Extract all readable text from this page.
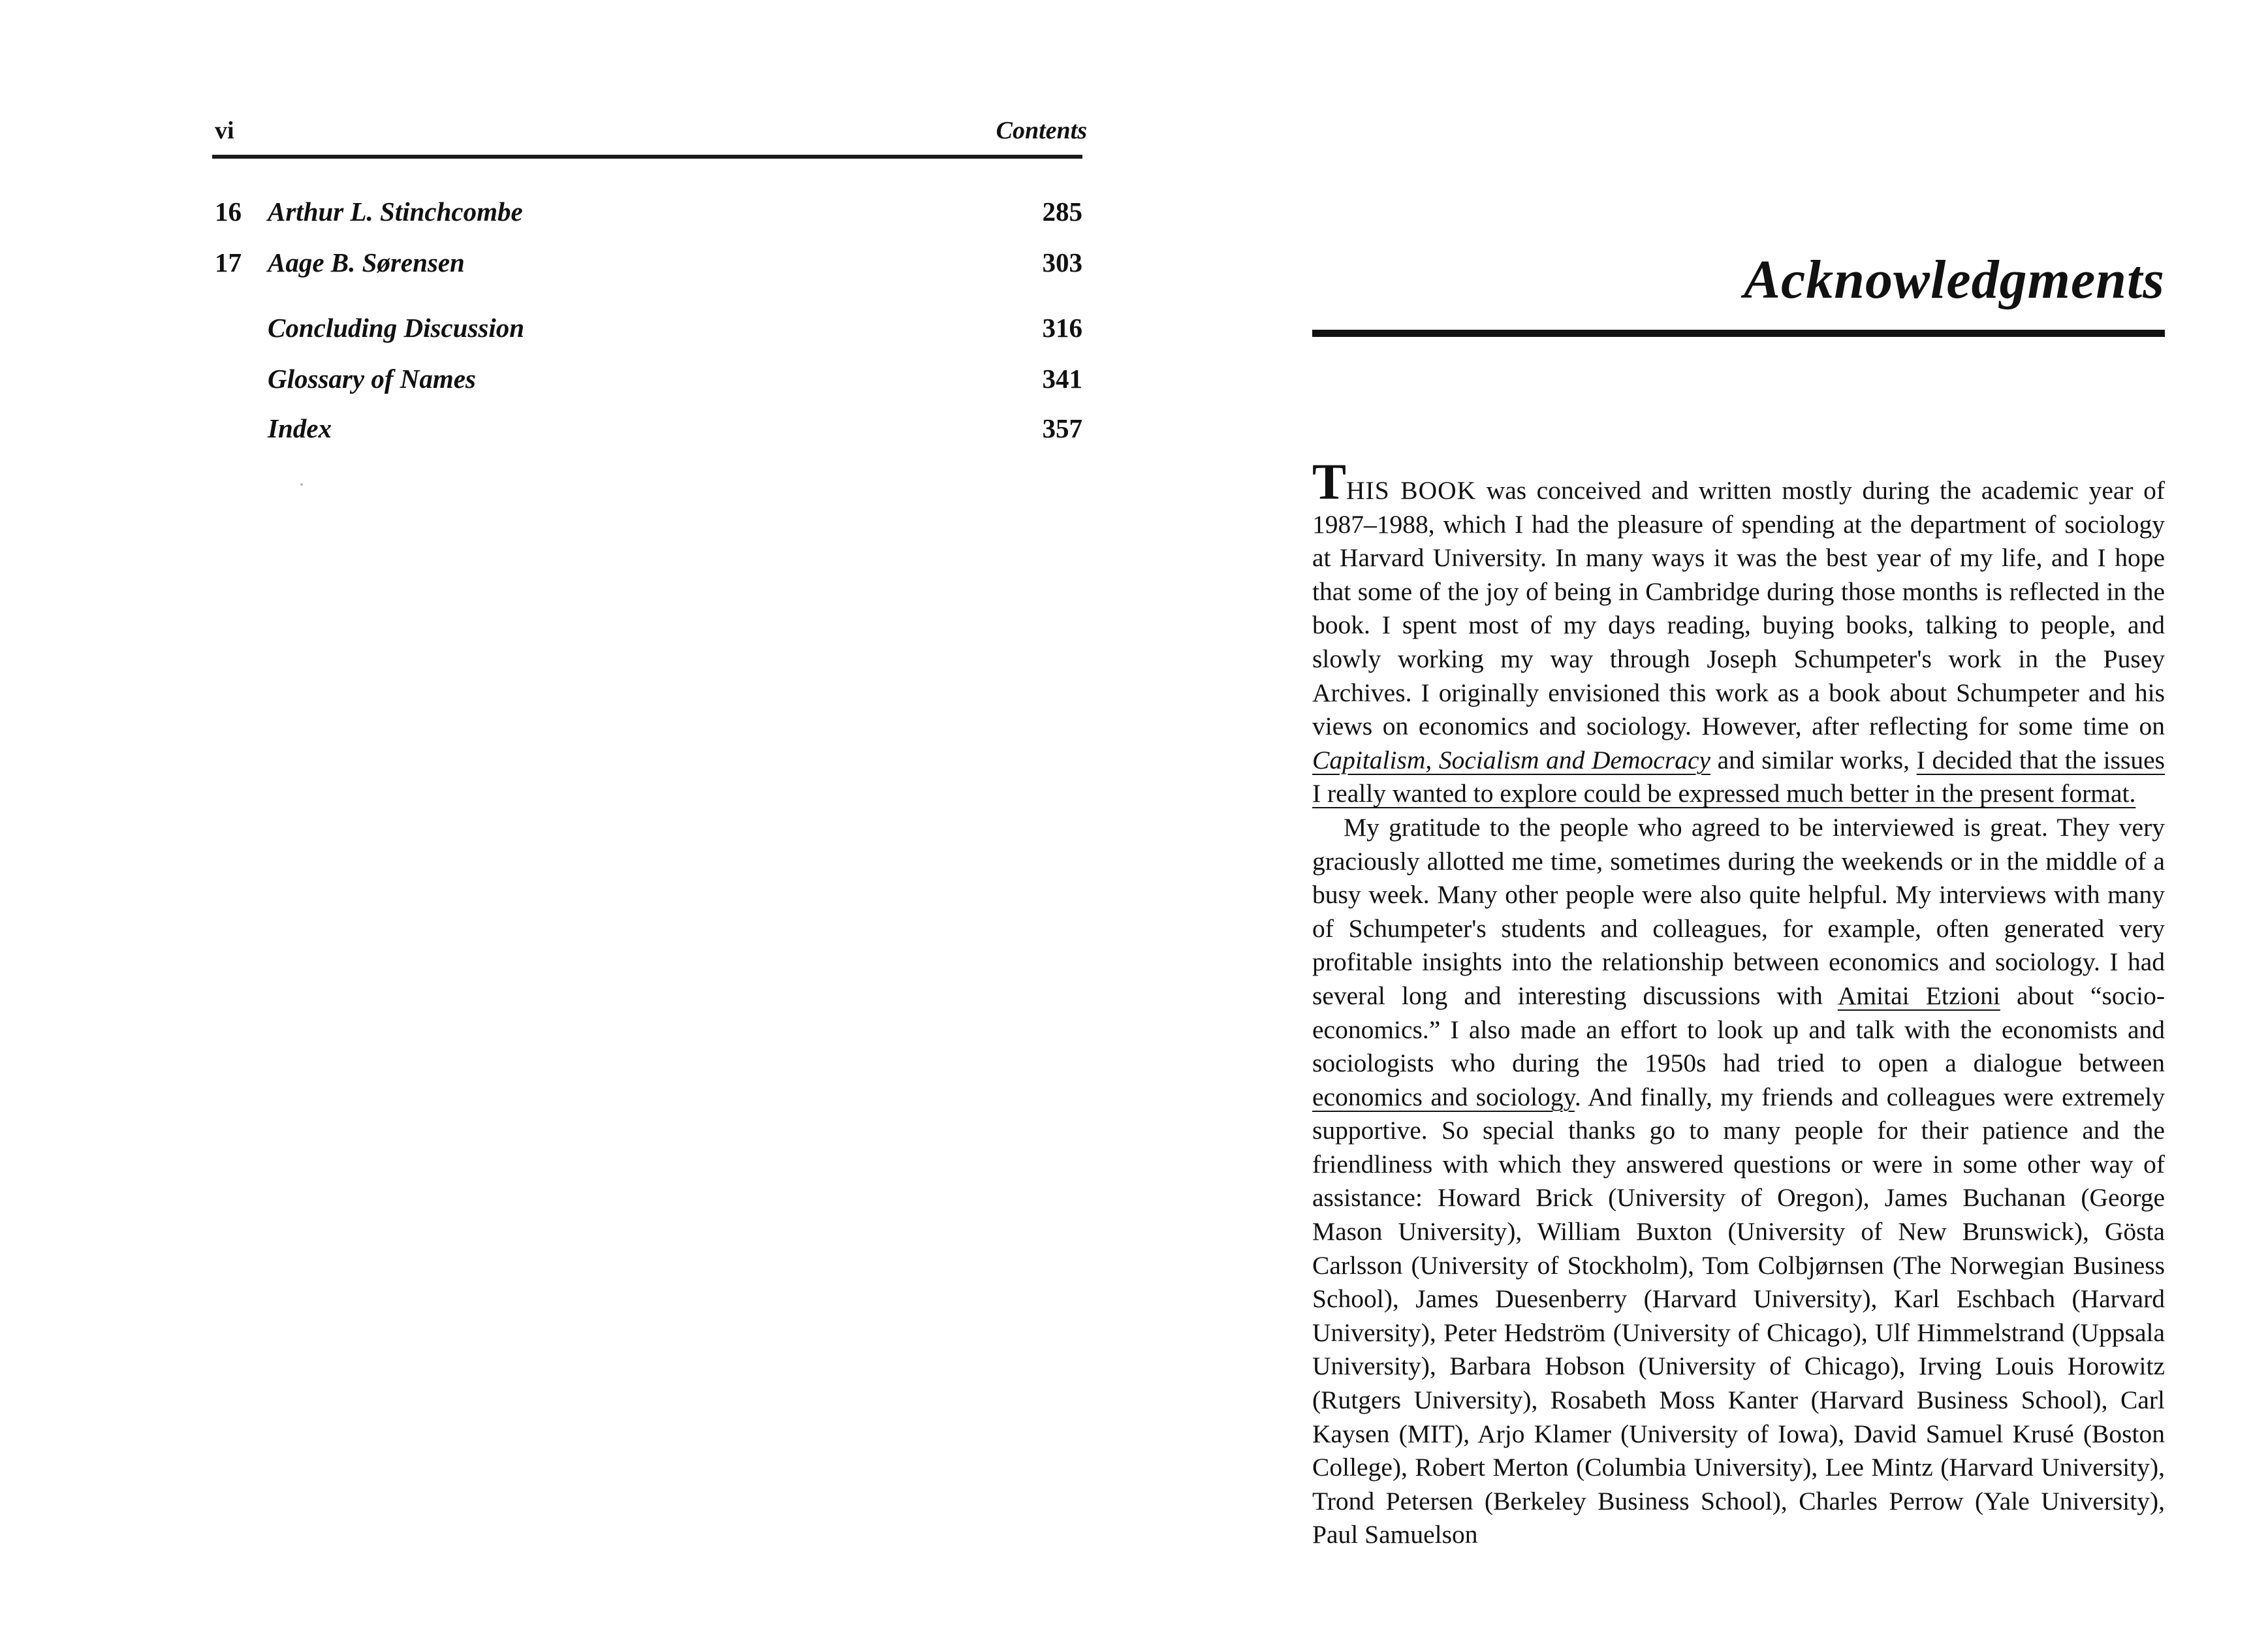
vi	Contents
16 Arthur L. Stinchcombe	285
17 Aage B. Sørensen	303
Concluding Discussion	316
Glossary of Names	341
Index	357
Acknowledgments

THIS BOOK was conceived and written mostly during the academic year of 1987–1988, which I had the pleasure of spending at the department of sociology at Harvard University. In many ways it was the best year of my life, and I hope that some of the joy of being in Cambridge during those months is reflected in the book. I spent most of my days reading, buying books, talking to people, and slowly working my way through Joseph Schumpeter's work in the Pusey Archives. I originally envisioned this work as a book about Schumpeter and his views on economics and sociology. However, after reflecting for some time on Capitalism, Socialism and Democracy and similar works, I decided that the issues I really wanted to explore could be expressed much better in the present format.

My gratitude to the people who agreed to be interviewed is great. They very graciously allotted me time, sometimes during the weekends or in the middle of a busy week. Many other people were also quite helpful. My interviews with many of Schumpeter's students and colleagues, for example, often generated very profitable insights into the relationship between economics and sociology. I had several long and interesting discussions with Amitai Etzioni about “socio-economics.” I also made an effort to look up and talk with the economists and sociologists who during the 1950s had tried to open a dialogue between economics and sociology. And finally, my friends and colleagues were extremely supportive. So special thanks go to many people for their patience and the friendliness with which they answered questions or were in some other way of assistance: Howard Brick (University of Oregon), James Buchanan (George Mason University), William Buxton (University of New Brunswick), Gösta Carlsson (University of Stockholm), Tom Colbjørnsen (The Norwegian Business School), James Duesenberry (Harvard University), Karl Eschbach (Harvard University), Peter Hedström (University of Chicago), Ulf Himmelstrand (Uppsala University), Barbara Hobson (University of Chicago), Irving Louis Horowitz (Rutgers University), Rosabeth Moss Kanter (Harvard Business School), Carl Kaysen (MIT), Arjo Klamer (University of Iowa), David Samuel Krusé (Boston College), Robert Merton (Columbia University), Lee Mintz (Harvard University), Trond Petersen (Berkeley Business School), Charles Perrow (Yale University), Paul Samuelson
